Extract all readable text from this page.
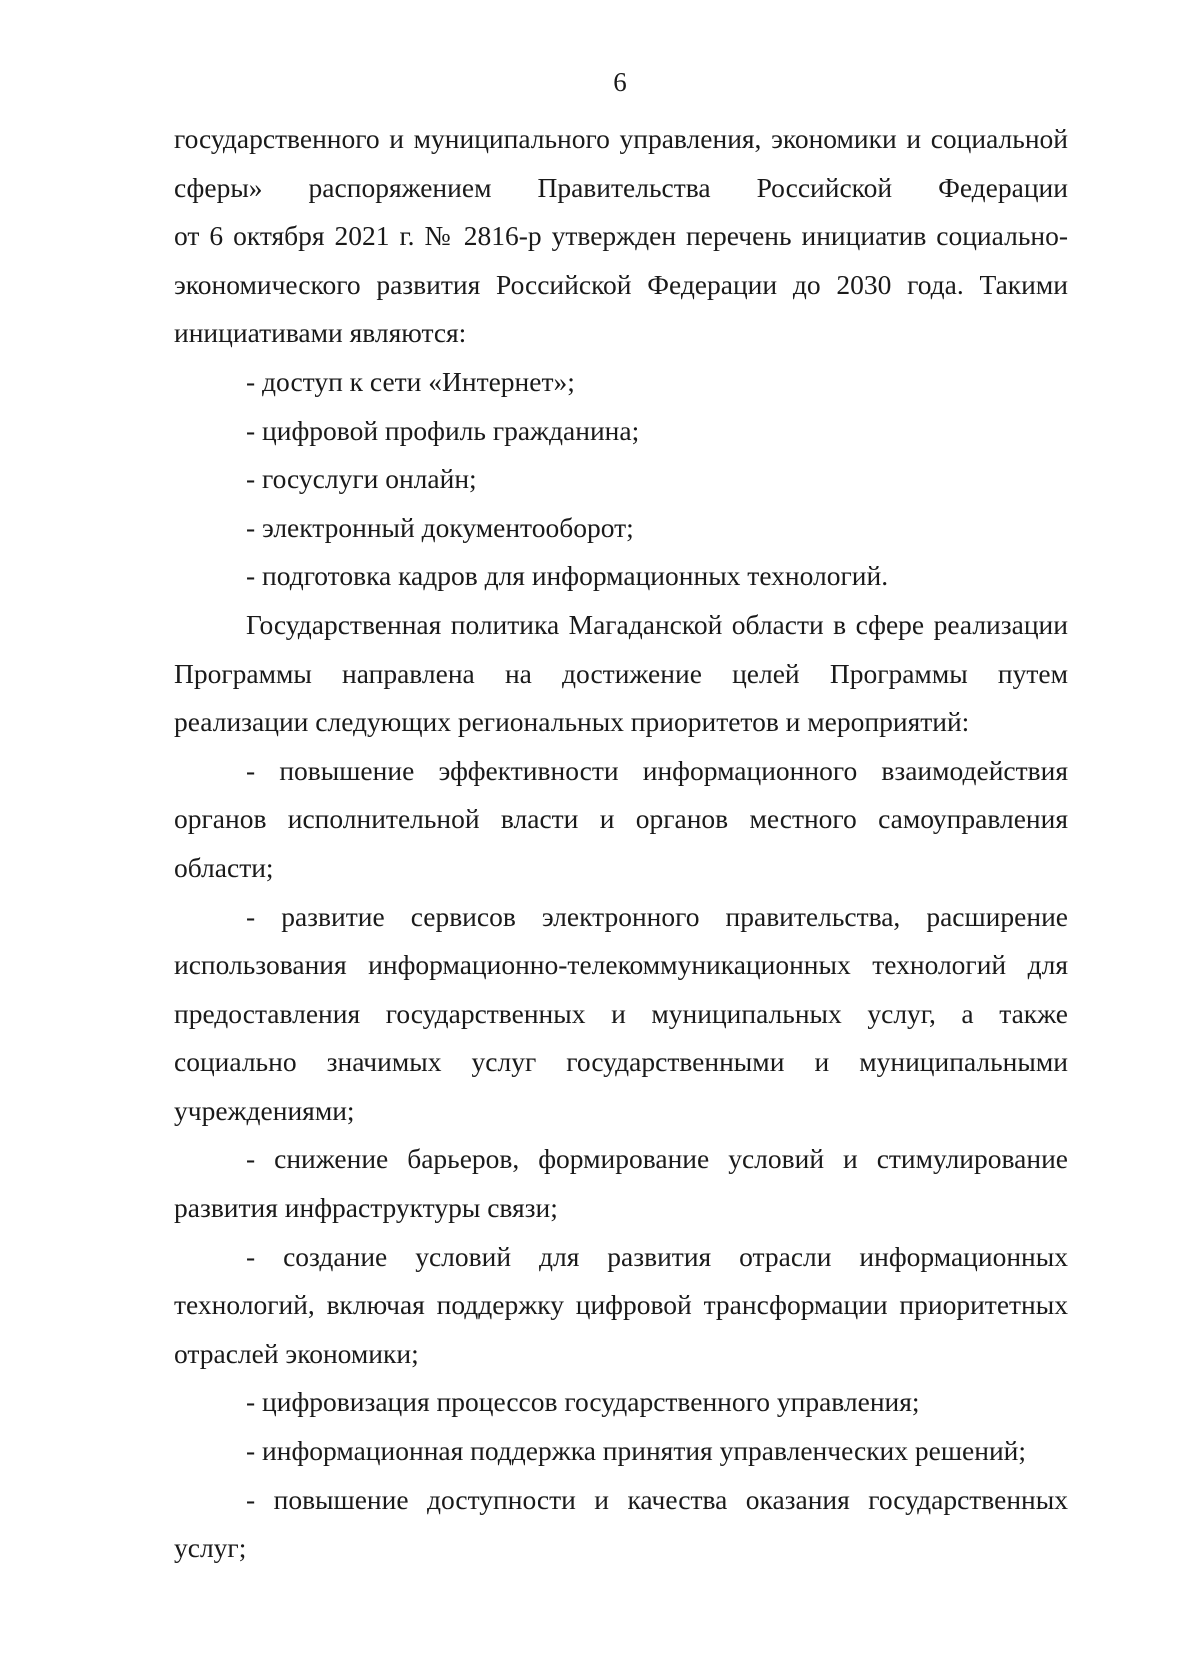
6

государственного и муниципального управления, экономики и социальной

сферы» распоряжением Правительства Российской Федерации

от 6 октября 2021 г. № 2816-р утвержден перечень инициатив социально-

экономического развития Российской Федерации до 2030 года. Такими

инициативами являются:

- доступ к сети «Интернет»;

- цифровой профиль гражданина;

- госуслуги онлайн;

- электронный документооборот;

- подготовка кадров для информационных технологий.

Государственная политика Магаданской области в сфере реализации Программы направлена на достижение целей Программы путем реализации следующих региональных приоритетов и мероприятий:

- повышение эффективности информационного взаимодействия органов исполнительной власти и органов местного самоуправления области;

- развитие сервисов электронного правительства, расширение использования информационно-телекоммуникационных технологий для предоставления государственных и муниципальных услуг, а также социально значимых услуг государственными и муниципальными учреждениями;

- снижение барьеров, формирование условий и стимулирование развития инфраструктуры связи;

- создание условий для развития отрасли информационных технологий, включая поддержку цифровой трансформации приоритетных отраслей экономики;

- цифровизация процессов государственного управления;

- информационная поддержка принятия управленческих решений;

- повышение доступности и качества оказания государственных услуг;
